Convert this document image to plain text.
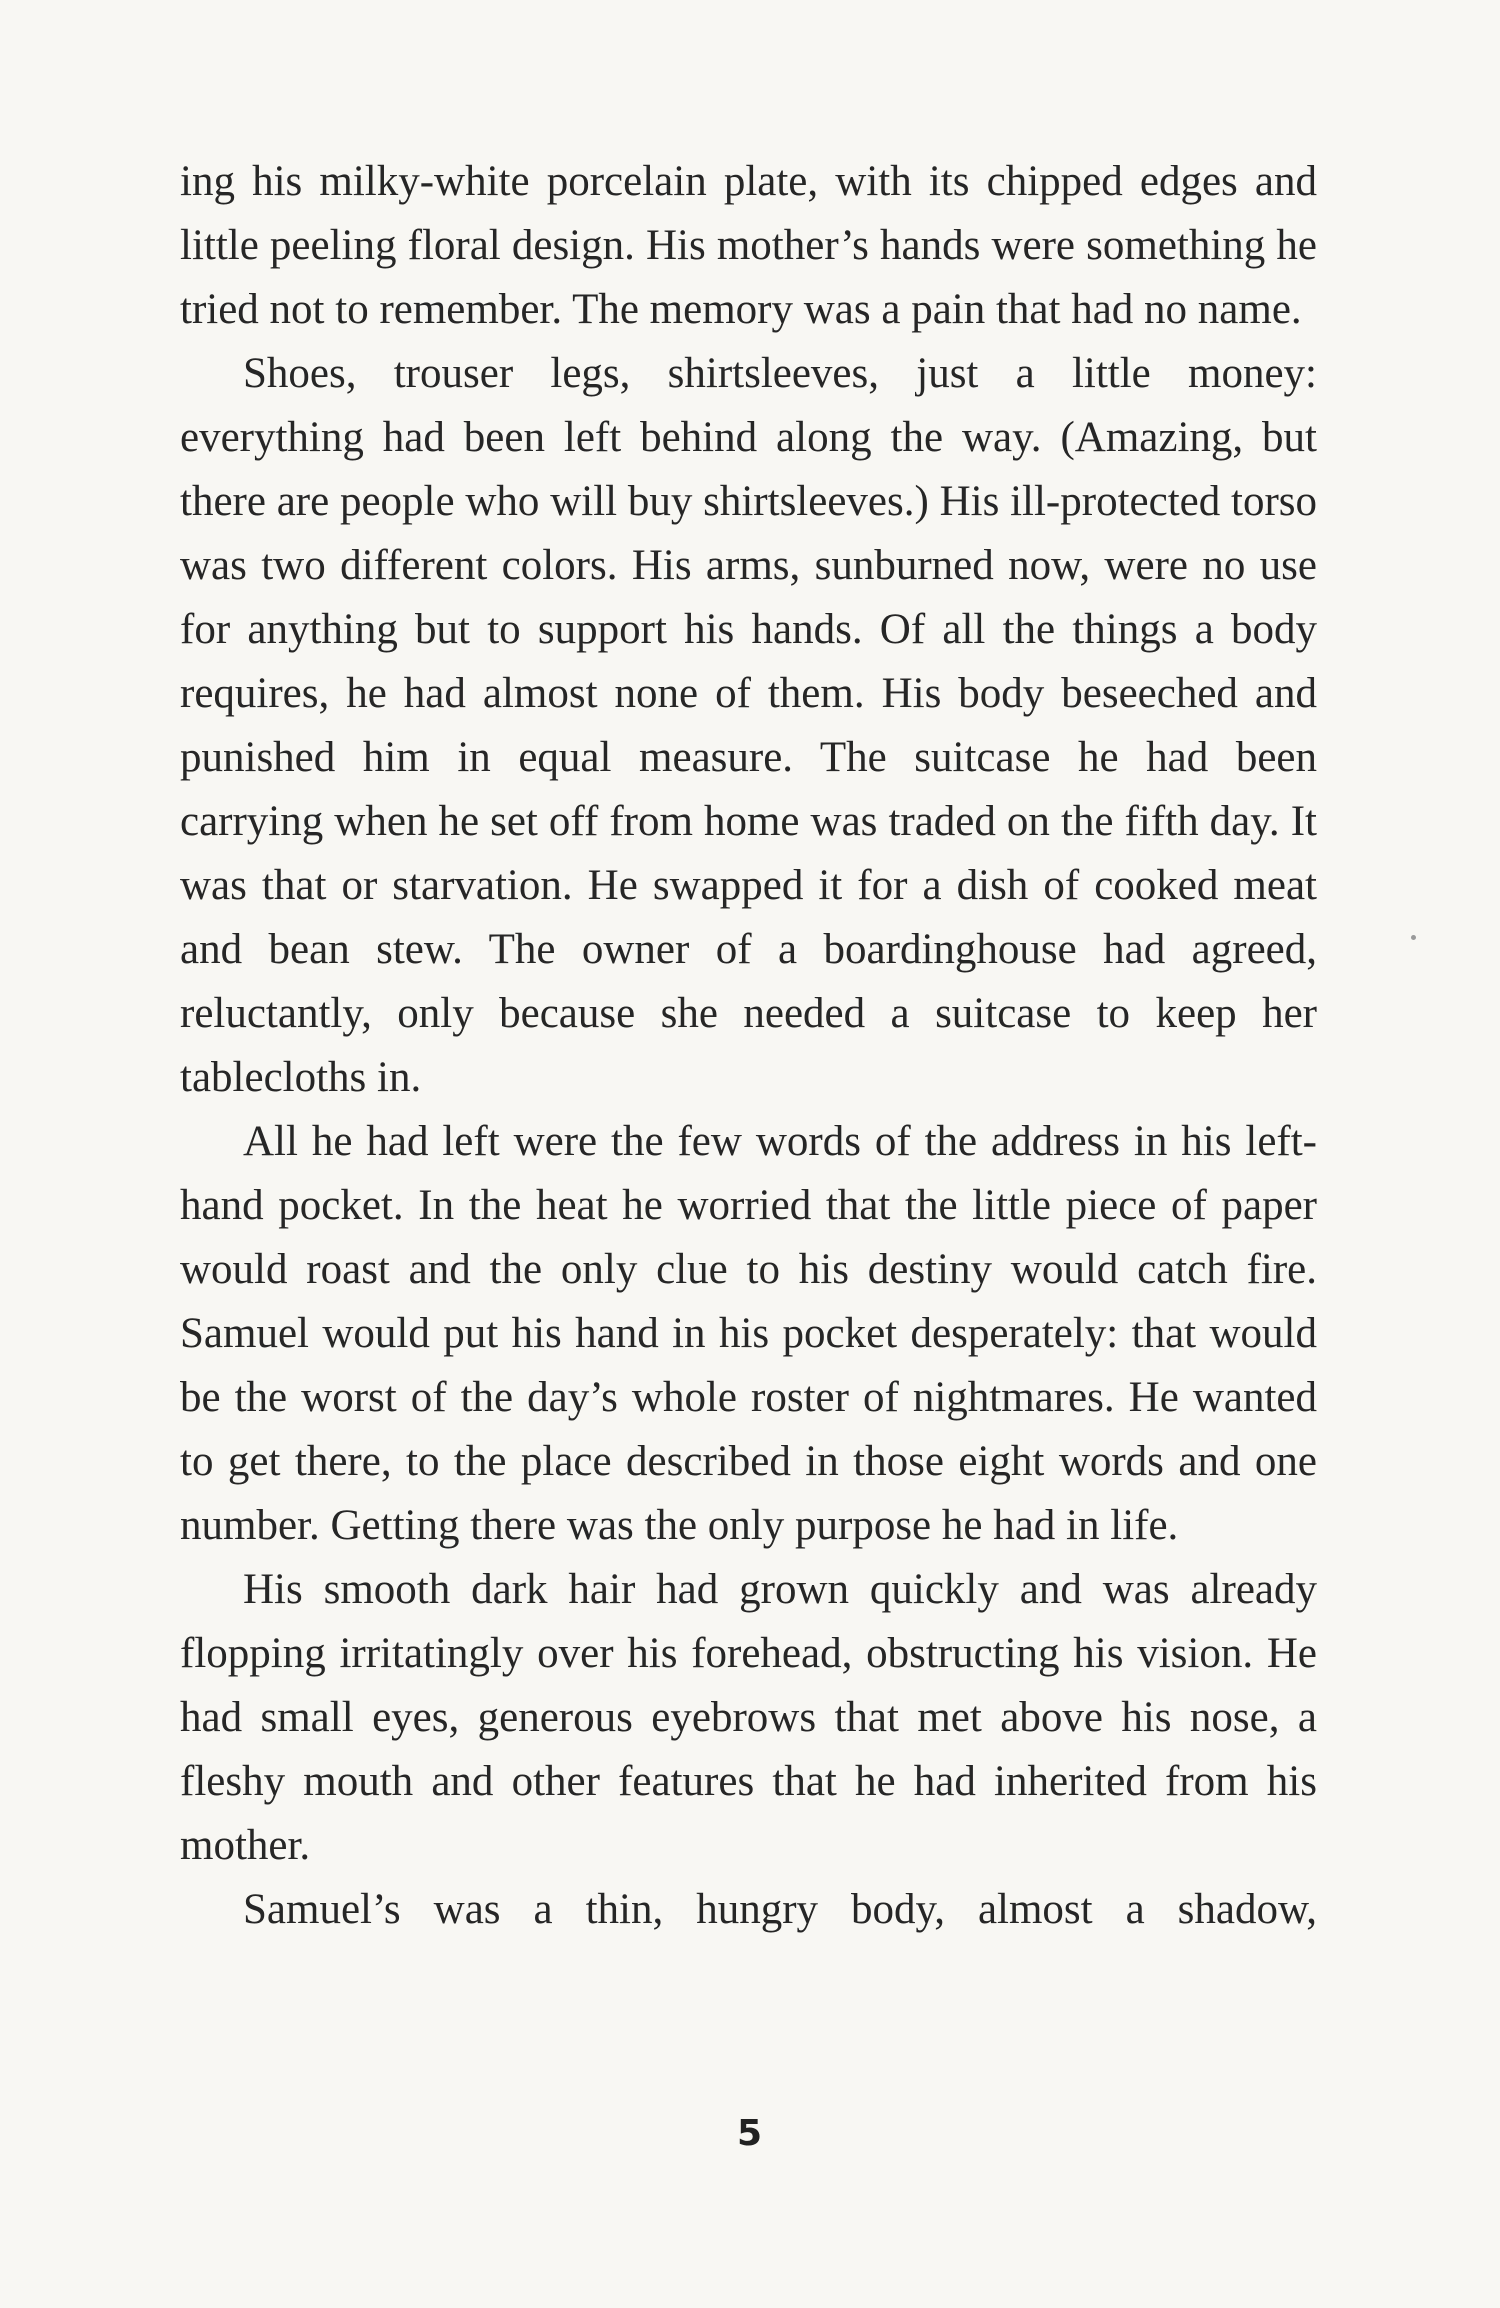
ing his milky-white porcelain plate, with its chipped edges and little peeling floral design. His mother’s hands were something he tried not to remember. The memory was a pain that had no name.

Shoes, trouser legs, shirtsleeves, just a little money: everything had been left behind along the way. (Amazing, but there are people who will buy shirtsleeves.) His ill-protected torso was two different colors. His arms, sunburned now, were no use for anything but to support his hands. Of all the things a body requires, he had almost none of them. His body beseeched and punished him in equal measure. The suitcase he had been carrying when he set off from home was traded on the fifth day. It was that or starvation. He swapped it for a dish of cooked meat and bean stew. The owner of a boardinghouse had agreed, reluctantly, only because she needed a suitcase to keep her tablecloths in.

All he had left were the few words of the address in his left-hand pocket. In the heat he worried that the little piece of paper would roast and the only clue to his destiny would catch fire. Samuel would put his hand in his pocket desperately: that would be the worst of the day’s whole roster of nightmares. He wanted to get there, to the place described in those eight words and one number. Getting there was the only purpose he had in life.

His smooth dark hair had grown quickly and was already flopping irritatingly over his forehead, obstructing his vision. He had small eyes, generous eyebrows that met above his nose, a fleshy mouth and other features that he had inherited from his mother.

Samuel’s was a thin, hungry body, almost a shadow,

5
